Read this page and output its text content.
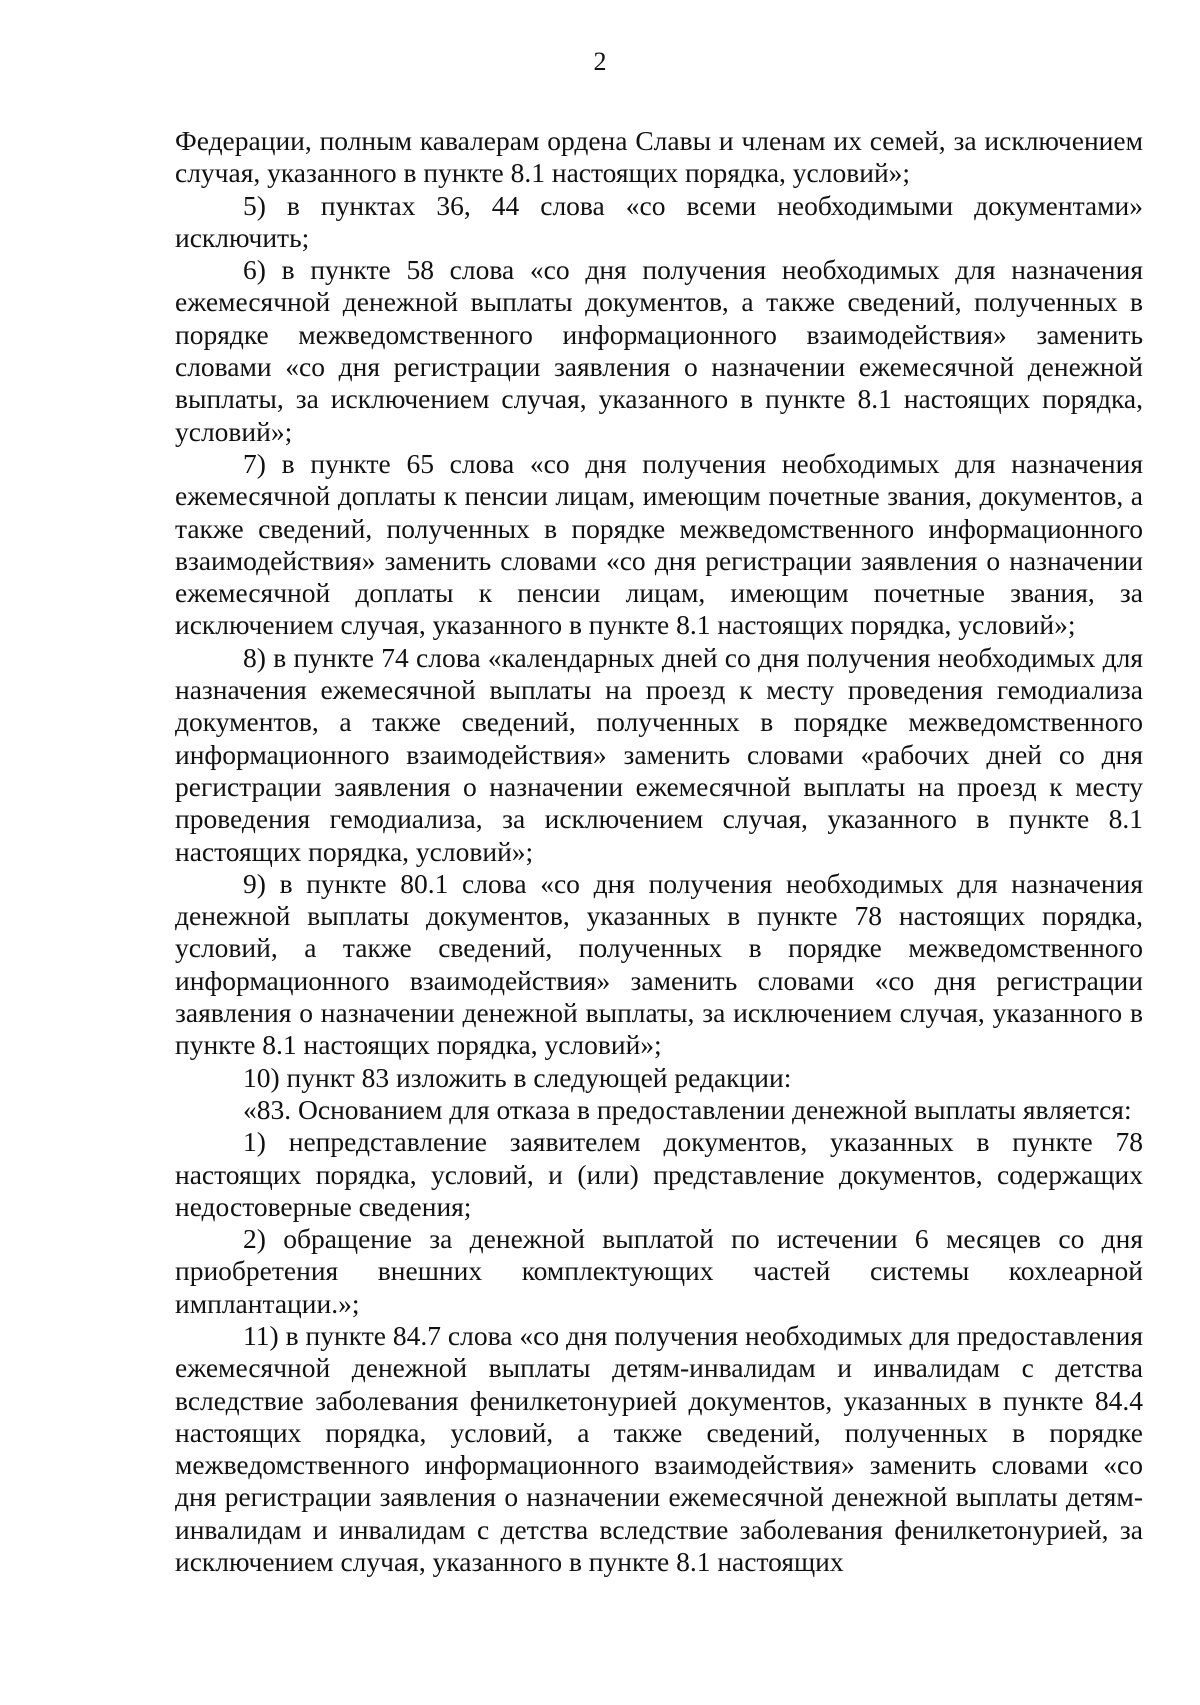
2

Федерации, полным кавалерам ордена Славы и членам их семей, за исключением случая, указанного в пункте 8.1 настоящих порядка, условий»;

5) в пунктах 36, 44 слова «со всеми необходимыми документами» исключить;

6) в пункте 58 слова «со дня получения необходимых для назначения ежемесячной денежной выплаты документов, а также сведений, полученных в порядке межведомственного информационного взаимодействия» заменить словами «со дня регистрации заявления о назначении ежемесячной денежной выплаты, за исключением случая, указанного в пункте 8.1 настоящих порядка, условий»;

7) в пункте 65 слова «со дня получения необходимых для назначения ежемесячной доплаты к пенсии лицам, имеющим почетные звания, документов, а также сведений, полученных в порядке межведомственного информационного взаимодействия» заменить словами «со дня регистрации заявления о назначении ежемесячной доплаты к пенсии лицам, имеющим почетные звания, за исключением случая, указанного в пункте 8.1 настоящих порядка, условий»;

8) в пункте 74 слова «календарных дней со дня получения необходимых для назначения ежемесячной выплаты на проезд к месту проведения гемодиализа документов, а также сведений, полученных в порядке межведомственного информационного взаимодействия» заменить словами «рабочих дней со дня регистрации заявления о назначении ежемесячной выплаты на проезд к месту проведения гемодиализа, за исключением случая, указанного в пункте 8.1 настоящих порядка, условий»;

9) в пункте 80.1 слова «со дня получения необходимых для назначения денежной выплаты документов, указанных в пункте 78 настоящих порядка, условий, а также сведений, полученных в порядке межведомственного информационного взаимодействия» заменить словами «со дня регистрации заявления о назначении денежной выплаты, за исключением случая, указанного в пункте 8.1 настоящих порядка, условий»;

10) пункт 83 изложить в следующей редакции:

«83. Основанием для отказа в предоставлении денежной выплаты является:

1) непредставление заявителем документов, указанных в пункте 78 настоящих порядка, условий, и (или) представление документов, содержащих недостоверные сведения;

2) обращение за денежной выплатой по истечении 6 месяцев со дня приобретения внешних комплектующих частей системы кохлеарной имплантации.»;

11) в пункте 84.7 слова «со дня получения необходимых для предоставления ежемесячной денежной выплаты детям-инвалидам и инвалидам с детства вследствие заболевания фенилкетонурией документов, указанных в пункте 84.4 настоящих порядка, условий, а также сведений, полученных в порядке межведомственного информационного взаимодействия» заменить словами «со дня регистрации заявления о назначении ежемесячной денежной выплаты детям-инвалидам и инвалидам с детства вследствие заболевания фенилкетонурией, за исключением случая, указанного в пункте 8.1 настоящих
